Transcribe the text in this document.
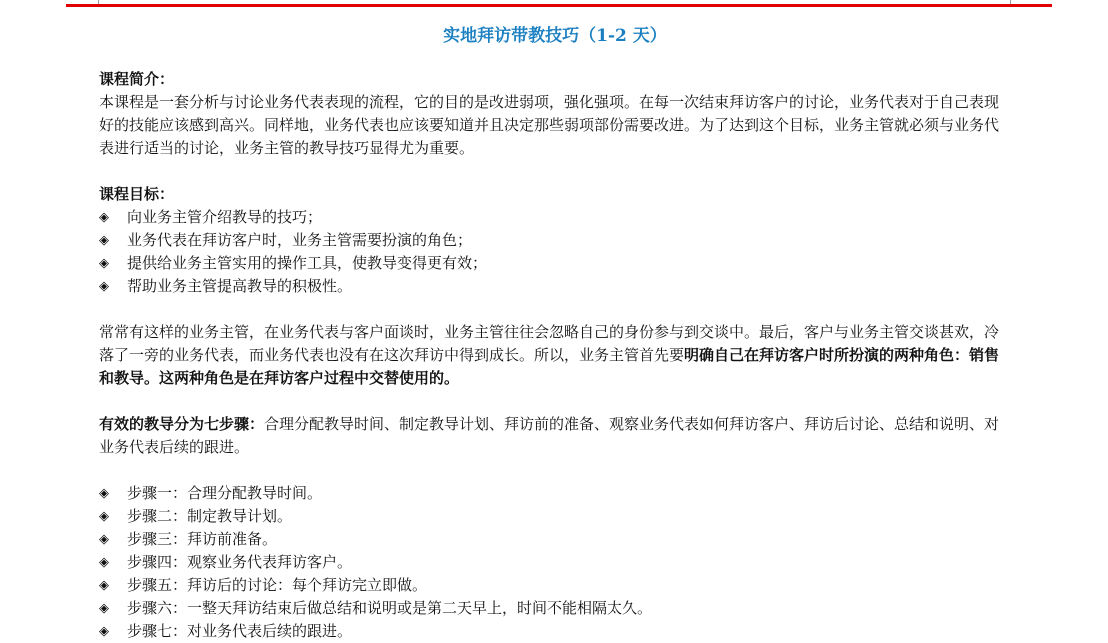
实地拜访带教技巧（1-2 天）
课程简介：

本课程是一套分析与讨论业务代表表现的流程，它的目的是改进弱项，强化强项。在每一次结束拜访客户的讨论，业务代表对于自己表现好的技能应该感到高兴。同样地，业务代表也应该要知道并且决定那些弱项部份需要改进。为了达到这个目标，业务主管就必须与业务代表进行适当的讨论，业务主管的教导技巧显得尤为重要。

课程目标：
◈	向业务主管介绍教导的技巧；
◈	业务代表在拜访客户时，业务主管需要扮演的角色；
◈	提供给业务主管实用的操作工具，使教导变得更有效；
◈	帮助业务主管提高教导的积极性。

常常有这样的业务主管，在业务代表与客户面谈时，业务主管往往会忽略自己的身份参与到交谈中。最后，客户与业务主管交谈甚欢，冷落了一旁的业务代表，而业务代表也没有在这次拜访中得到成长。所以，业务主管首先要明确自己在拜访客户时所扮演的两种角色：销售和教导。这两种角色是在拜访客户过程中交替使用的。

有效的教导分为七步骤：合理分配教导时间、制定教导计划、拜访前的准备、观察业务代表如何拜访客户、拜访后讨论、总结和说明、对业务代表后续的跟进。

◈	步骤一：合理分配教导时间。
◈	步骤二：制定教导计划。
◈	步骤三：拜访前准备。
◈	步骤四：观察业务代表拜访客户。
◈	步骤五：拜访后的讨论：每个拜访完立即做。
◈	步骤六：一整天拜访结束后做总结和说明或是第二天早上，时间不能相隔太久。
◈	步骤七：对业务代表后续的跟进。
